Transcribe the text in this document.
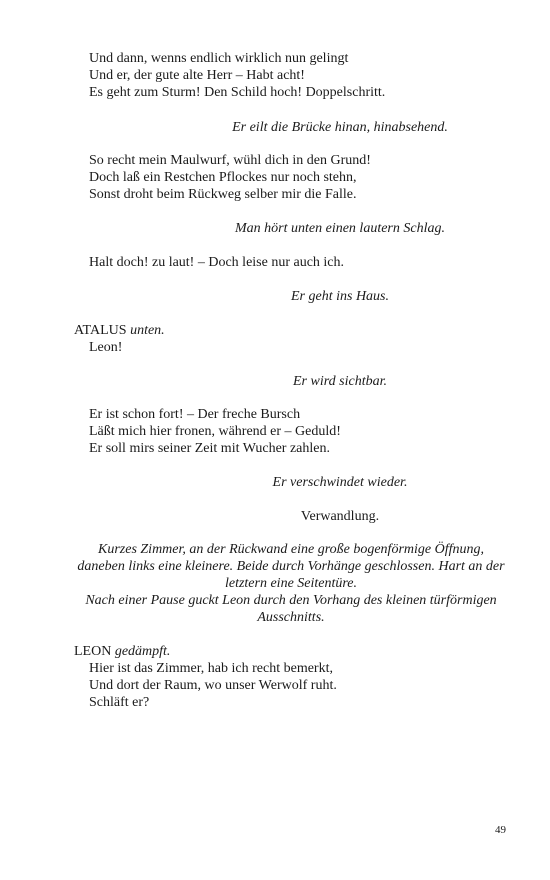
Und dann, wenns endlich wirklich nun gelingt
Und er, der gute alte Herr – Habt acht!
Es geht zum Sturm! Den Schild hoch! Doppelschritt.
Er eilt die Brücke hinan, hinabsehend.
So recht mein Maulwurf, wühl dich in den Grund!
Doch laß ein Restchen Pflockes nur noch stehn,
Sonst droht beim Rückweg selber mir die Falle.
Man hört unten einen lautern Schlag.
Halt doch! zu laut! – Doch leise nur auch ich.
Er geht ins Haus.
ATALUS unten.
Leon!
Er wird sichtbar.
Er ist schon fort! – Der freche Bursch
Läßt mich hier fronen, während er – Geduld!
Er soll mirs seiner Zeit mit Wucher zahlen.
Er verschwindet wieder.
Verwandlung.
Kurzes Zimmer, an der Rückwand eine große bogenförmige Öffnung, daneben links eine kleinere. Beide durch Vorhänge geschlossen. Hart an der letztern eine Seitentüre.
Nach einer Pause guckt Leon durch den Vorhang des kleinen türförmigen Ausschnitts.
LEON gedämpft.
Hier ist das Zimmer, hab ich recht bemerkt,
Und dort der Raum, wo unser Werwolf ruht.
Schläft er?
49
